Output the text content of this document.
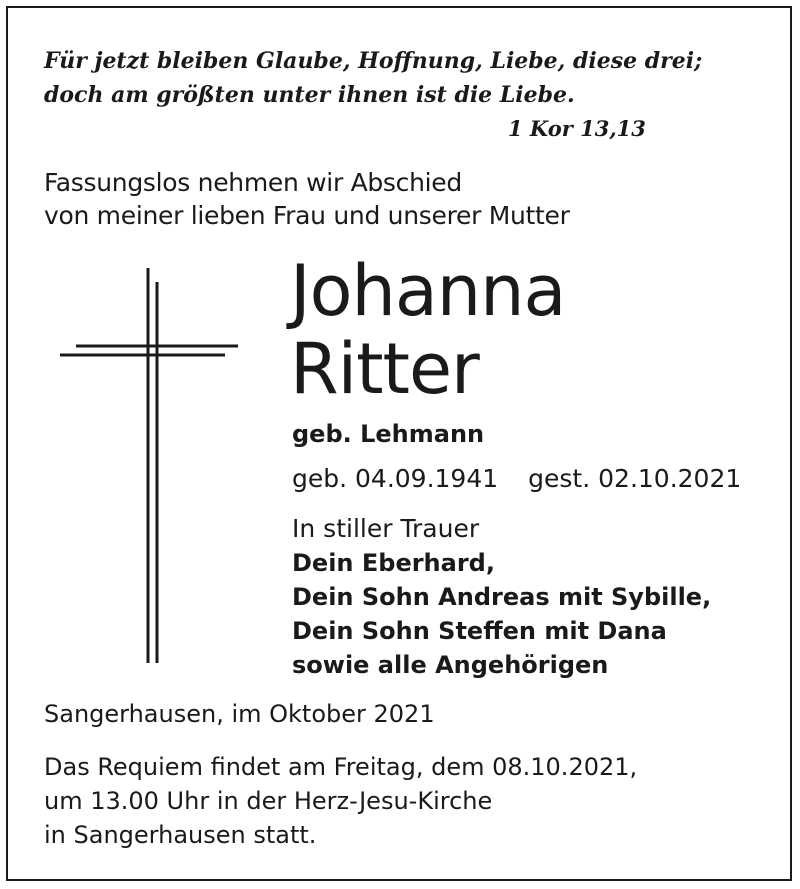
Für jetzt bleiben Glaube, Hoffnung, Liebe, diese drei;
doch am größten unter ihnen ist die Liebe.
1 Kor 13,13
Fassungslos nehmen wir Abschied
von meiner lieben Frau und unserer Mutter
Johanna
Ritter
geb. Lehmann
geb. 04.09.1941 gest. 02.10.2021
In stiller Trauer
Dein Eberhard,
Dein Sohn Andreas mit Sybille,
Dein Sohn Steffen mit Dana
sowie alle Angehörigen
Sangerhausen, im Oktober 2021
Das Requiem findet am Freitag, dem 08.10.2021,
um 13.00 Uhr in der Herz-Jesu-Kirche
in Sangerhausen statt.
